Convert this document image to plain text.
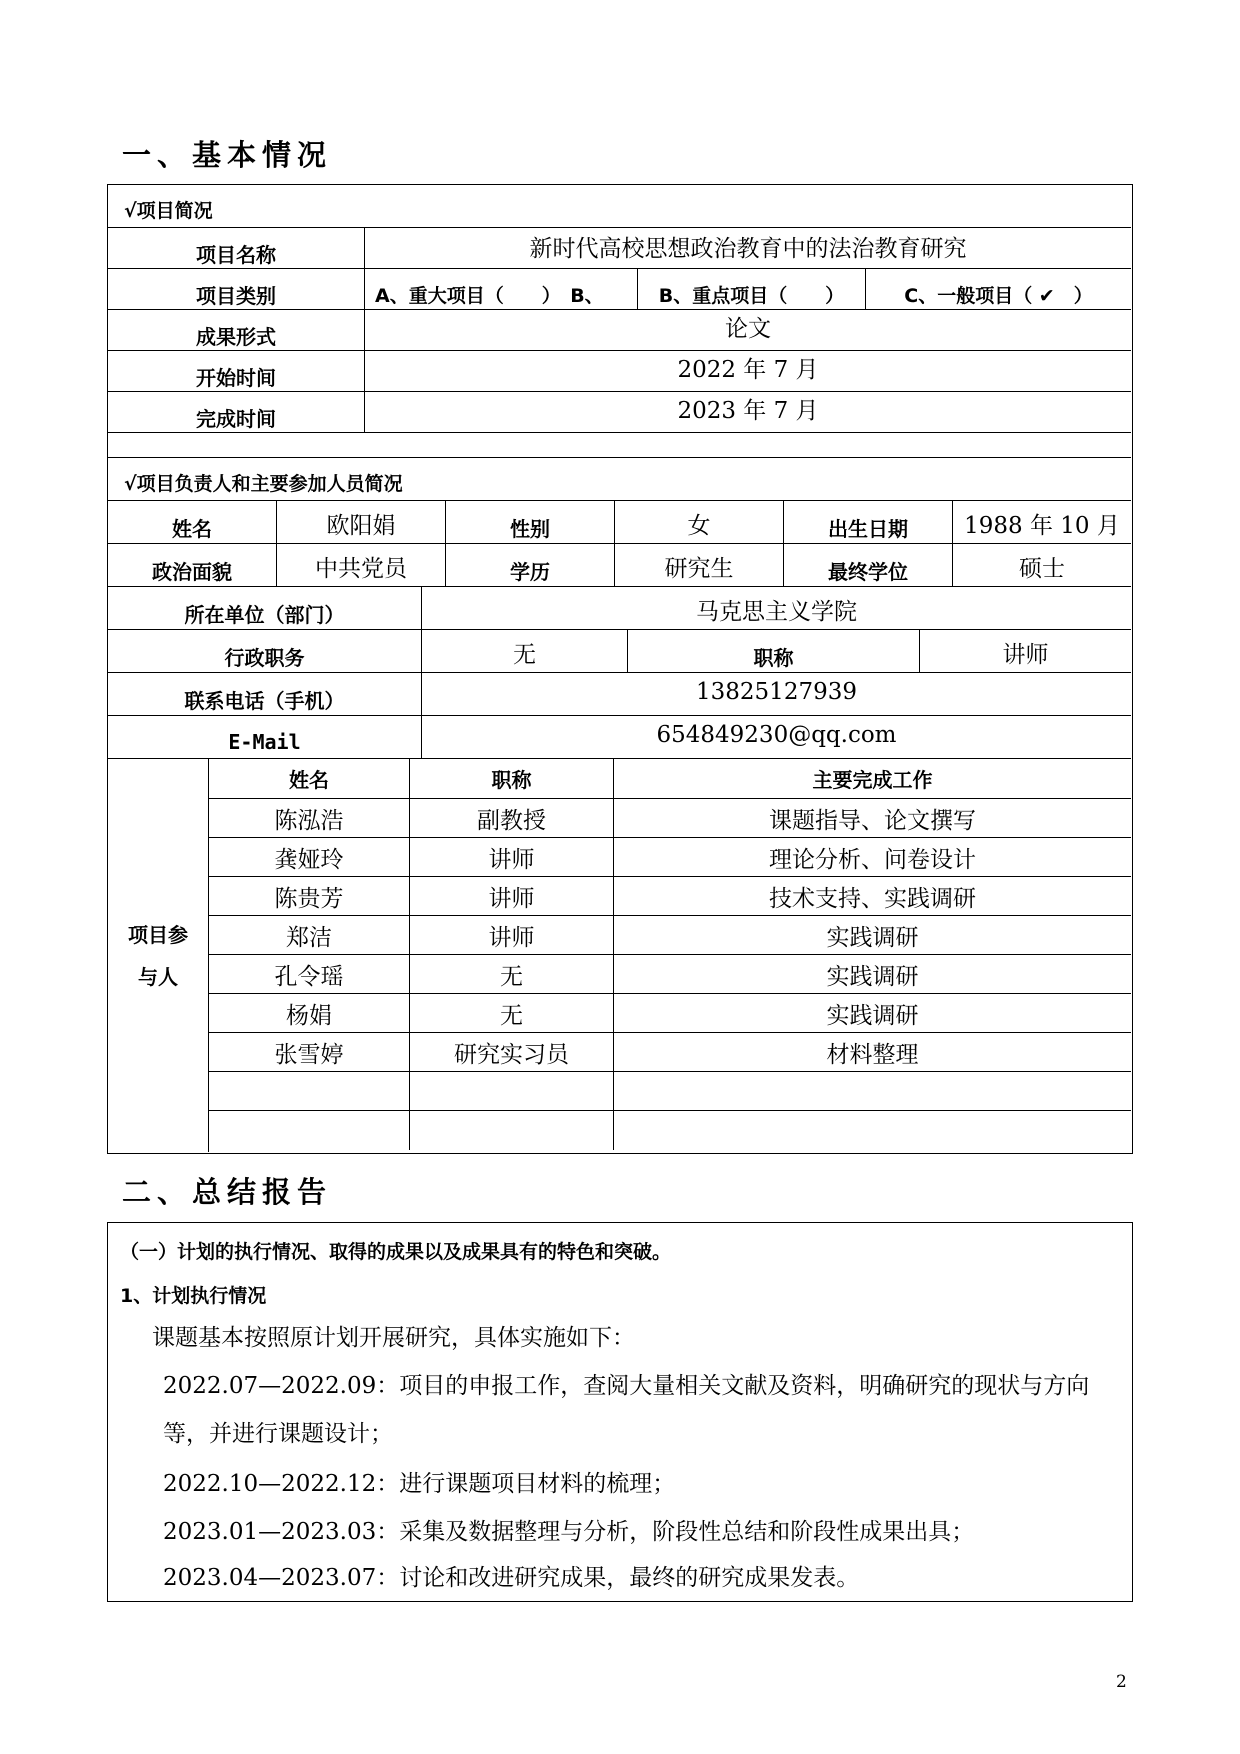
一、基本情况
√项目简况
项目名称	新时代高校思想政治教育中的法治教育研究
项目类别	A、重大项目（　　）　B、	B、重点项目（　　）	C、一般项目（ ✔　）
成果形式	论文
开始时间	2022 年 7 月
完成时间	2023 年 7 月
√项目负责人和主要参加人员简况
姓名	欧阳娟	性别	女	出生日期	1988 年 10 月
政治面貌	中共党员	学历	研究生	最终学位	硕士
所在单位（部门）	马克思主义学院
行政职务	无	职称	讲师
联系电话（手机）	13825127939
E-Mail	654849230@qq.com
项目参
与人
姓名	职称	主要完成工作
陈泓浩	副教授	课题指导、论文撰写
龚娅玲	讲师	理论分析、问卷设计
陈贵芳	讲师	技术支持、实践调研
郑洁	讲师	实践调研
孔令瑶	无	实践调研
杨娟	无	实践调研
张雪婷	研究实习员	材料整理
二、总结报告
（一）计划的执行情况、取得的成果以及成果具有的特色和突破。
1、计划执行情况
课题基本按照原计划开展研究，具体实施如下：
2022.07—2022.09：项目的申报工作，查阅大量相关文献及资料，明确研究的现状与方向
等，并进行课题设计；
2022.10—2022.12：进行课题项目材料的梳理；
2023.01—2023.03：采集及数据整理与分析，阶段性总结和阶段性成果出具；
2023.04—2023.07：讨论和改进研究成果，最终的研究成果发表。
2
